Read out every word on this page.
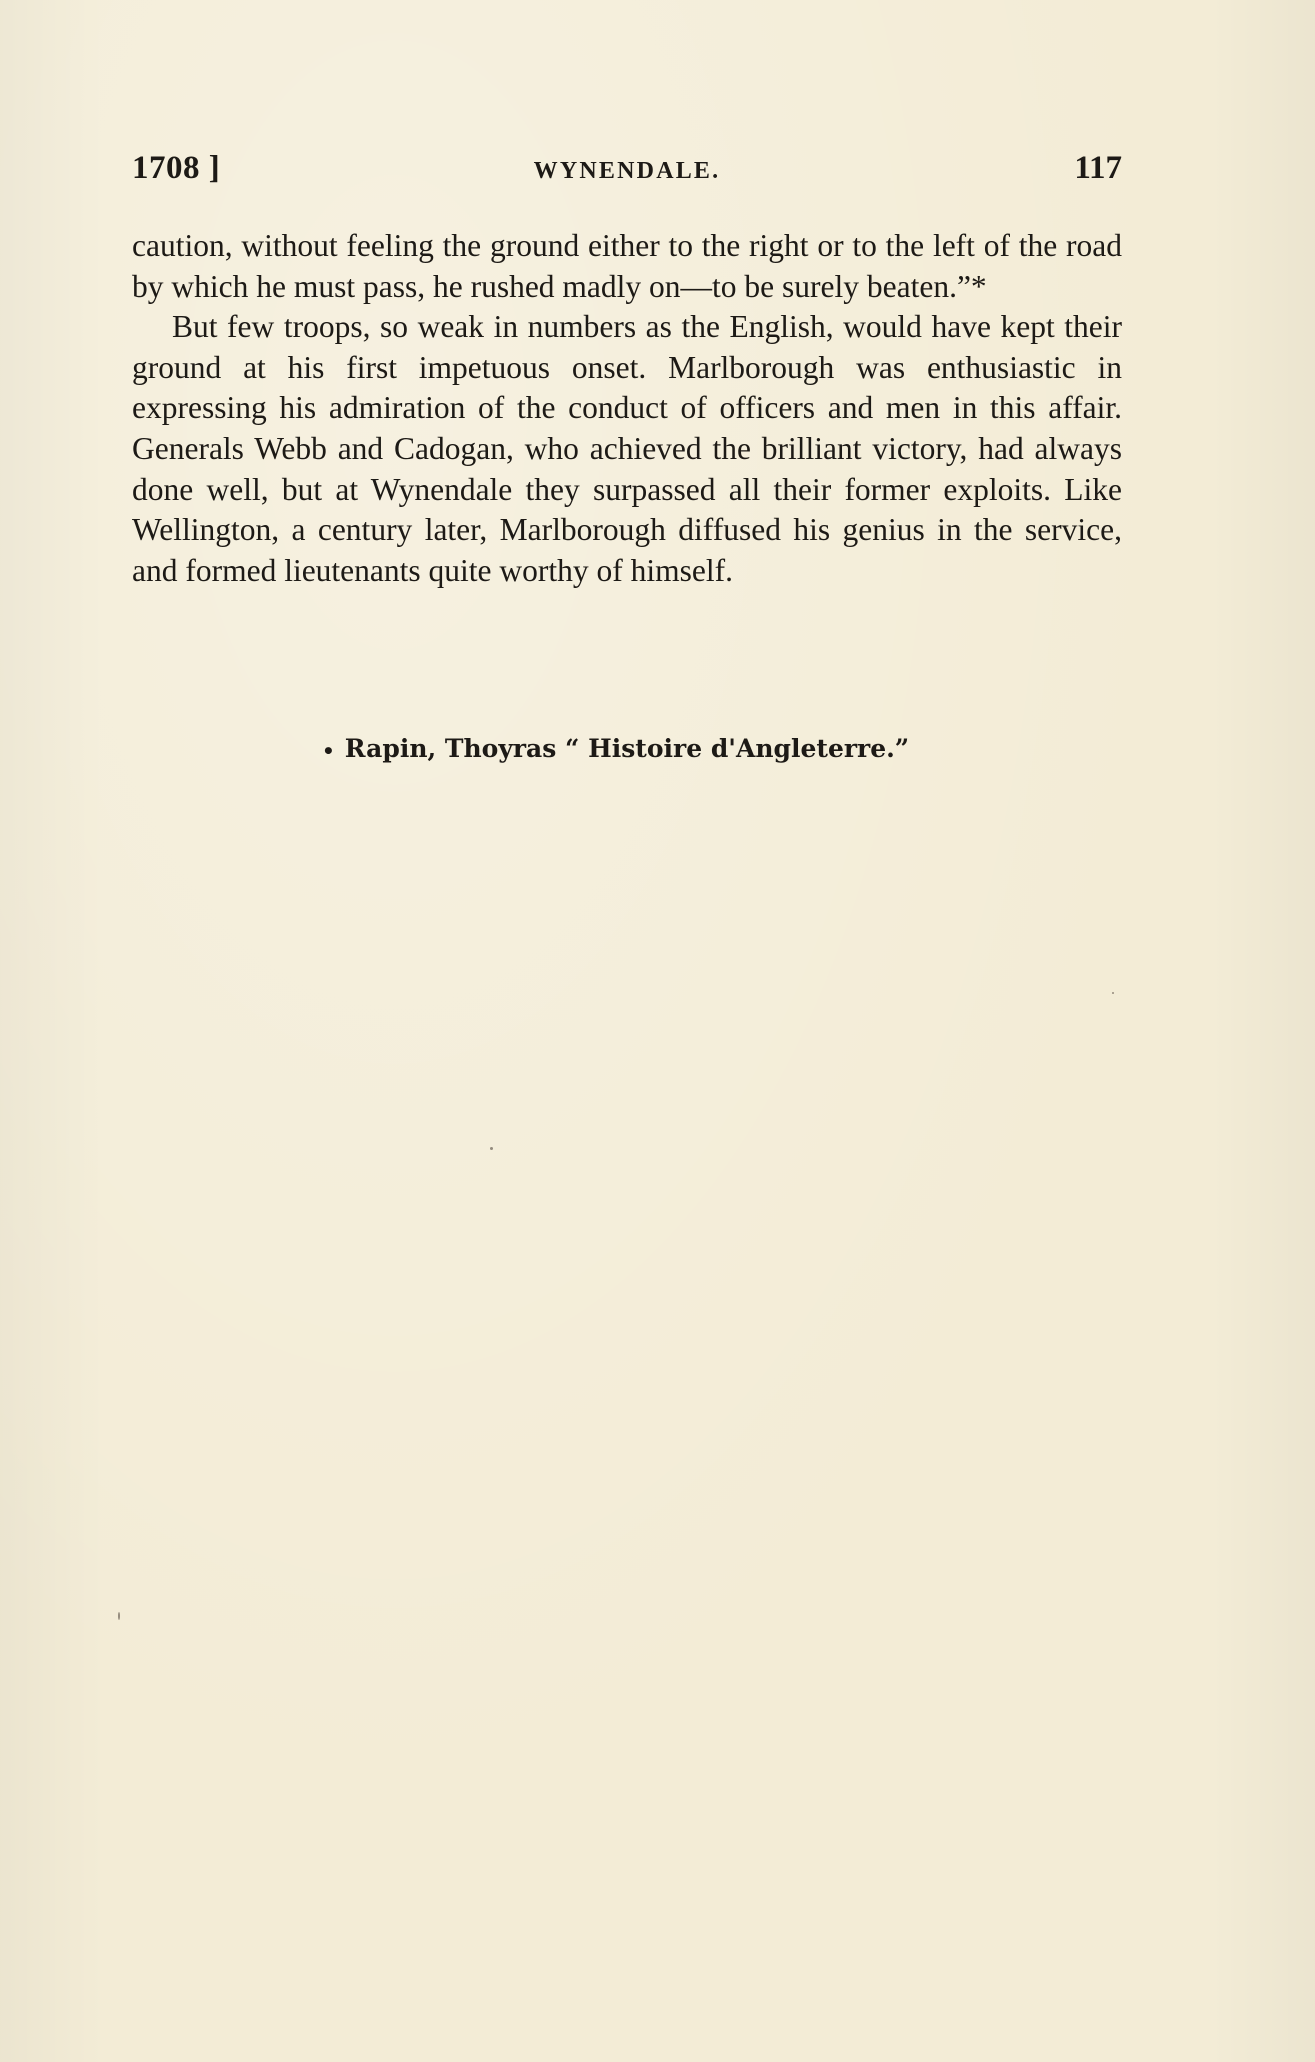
1708 ]	WYNENDALE.	117

caution, without feeling the ground either to the right or to the left of the road by which he must pass, he rushed madly on—to be surely beaten.”*

But few troops, so weak in numbers as the English, would have kept their ground at his first impetuous onset. Marlborough was enthusiastic in expressing his admiration of the conduct of officers and men in this affair. Generals Webb and Cadogan, who achieved the brilliant victory, had always done well, but at Wynendale they surpassed all their former exploits. Like Wellington, a century later, Marlborough diffused his genius in the service, and formed lieutenants quite worthy of himself.

• Rapin, Thoyras “ Histoire d'Angleterre.”
